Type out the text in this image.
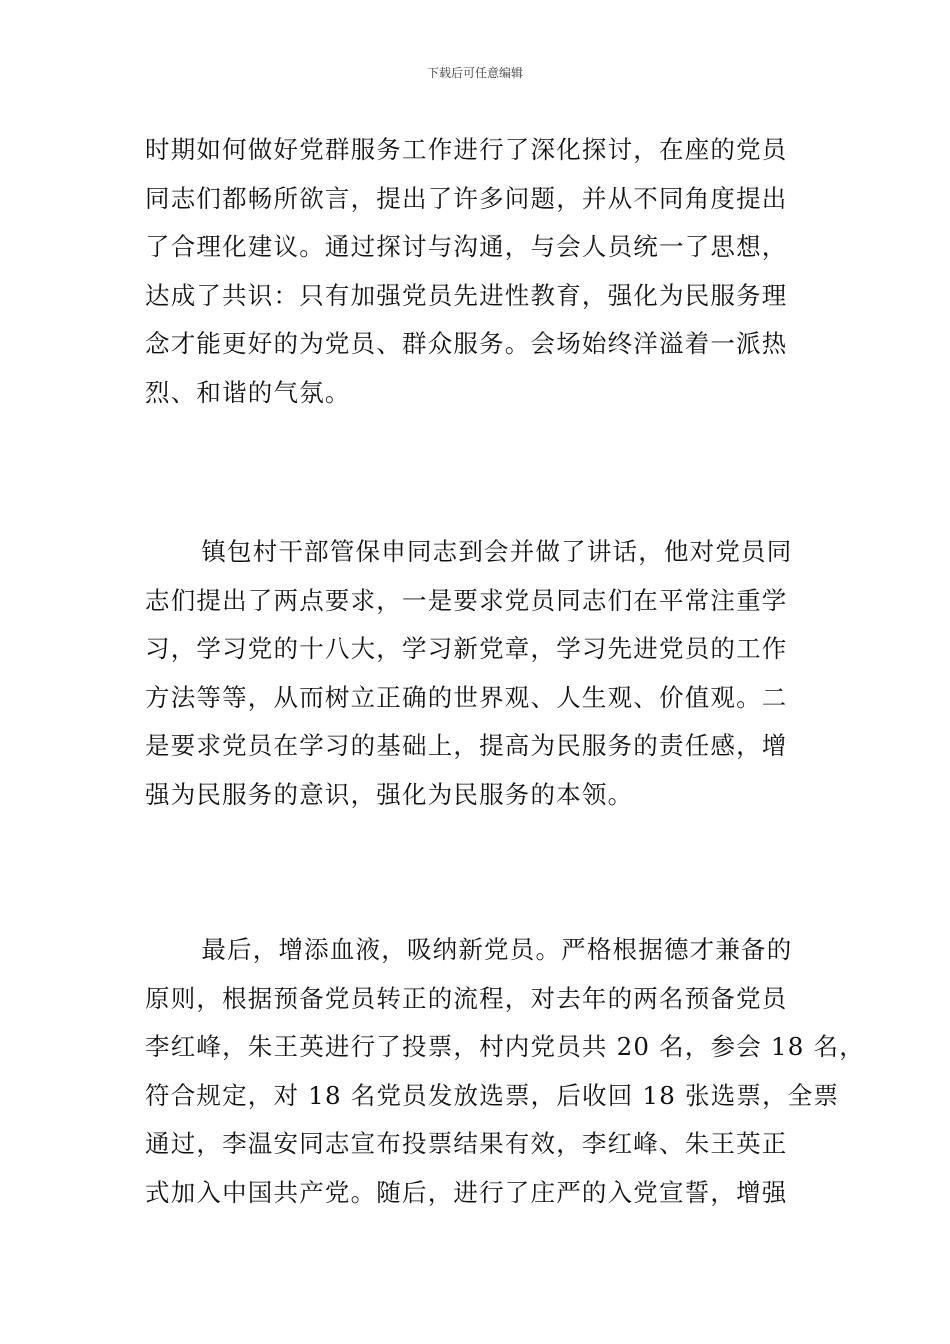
下载后可任意编辑

时期如何做好党群服务工作进行了深化探讨，在座的党员
同志们都畅所欲言，提出了许多问题，并从不同角度提出
了合理化建议。通过探讨与沟通，与会人员统一了思想，
达成了共识：只有加强党员先进性教育，强化为民服务理
念才能更好的为党员、群众服务。会场始终洋溢着一派热
烈、和谐的气氛。

镇包村干部管保申同志到会并做了讲话，他对党员同
志们提出了两点要求，一是要求党员同志们在平常注重学
习，学习党的十八大，学习新党章，学习先进党员的工作
方法等等，从而树立正确的世界观、人生观、价值观。二
是要求党员在学习的基础上，提高为民服务的责任感，增
强为民服务的意识，强化为民服务的本领。

最后，增添血液，吸纳新党员。严格根据德才兼备的
原则，根据预备党员转正的流程，对去年的两名预备党员
李红峰，朱王英进行了投票，村内党员共 20 名，参会 18 名，
符合规定，对 18 名党员发放选票，后收回 18 张选票，全票
通过，李温安同志宣布投票结果有效，李红峰、朱王英正
式加入中国共产党。随后，进行了庄严的入党宣誓，增强
